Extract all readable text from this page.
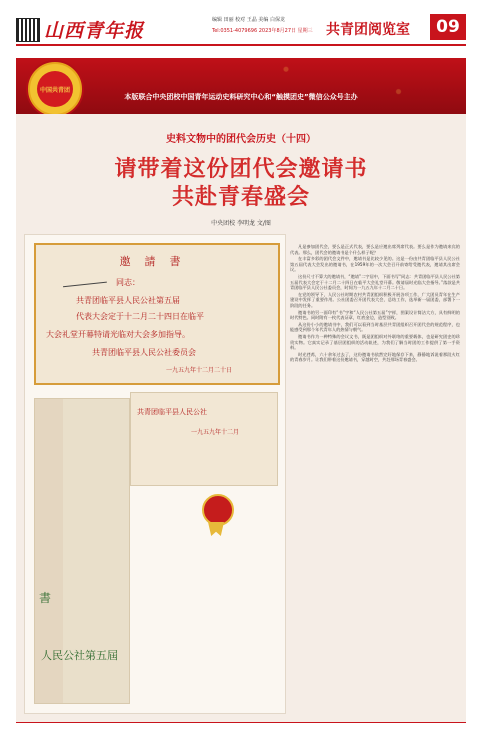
山西青年报	编辑 田丽 校对 王晶 美编 白保龙
Tel:0351-4079696 2023年8月27日 星期三 共青团阅览室	09
中国共青团
本版联合中央团校中国青年运动史料研究中心和“触摸团史”微信公众号主办
史料文物中的团代会历史（十四）
请带着这份团代会邀请书
共赴青春盛会
中央团校 李明龙 文/图
邀請書
同志：
共青团临平县人民公社第五届
代表大会定于十二月二十四日在临平
大会礼堂开幕特请光临对大会多加指导。
共青团临平县人民公社委员会
一九五九年十二月二十日
共青团临平县人民公社
一九五九年十二月
書
人民公社第五屆

凡是参加团代会，要么是正式代表，要么是应邀出席列席代表。要么是作为邀请来宾的代表。那么，团代会的邀请书是个什么样子呢？

在丰富多彩的团代会文件中，邀请书是比较少见的。这是一份由共青团临平县人民公社第五届代表大会发出的邀请书，在1959年的一次大会召开前寄给受邀代表，邀请其出席会议。

这份尺寸不算大的邀请书，“邀请”二字居中，下面书写“同志：共青团临平县人民公社第五届代表大会定于十二月二十四日在临平大会礼堂开幕。敬请届时光临大会指导。”落款是共青团临平县人民公社委员会，时间为一九五九年十二月二十日。

在党的领导下，人民公社时期农村共青团组织积极开展各项工作，广大团员青年在生产建设中发挥了重要作用。公社团委召开团代表大会，总结工作，选举新一届团委，部署下一阶段的任务。

邀请书的另一面印有“书”字和“人民公社第五届”字样，图案设计简洁大方，具有鲜明的时代特色。同时附有一枚代表证章，红底金边，造型别致。

从这份小小的邀请书中，我们可以看到当时基层共青团组织召开团代会的规范程序，也能感受到那个年代青年人的热情与朝气。

邀请书作为一种特殊的会议文书，既是团组织对外联络的重要载体，也是研究团史的珍贵实物。它真实记录了基层团组织的活动轨迹，为我们了解当时团的工作提供了第一手资料。

时光荏苒，六十余年过去了，这份邀请书依然完好地保存下来，静静地诉说着那段火红的青春岁月。让我们带着这份邀请书，穿越时空，共赴那场青春盛会。
